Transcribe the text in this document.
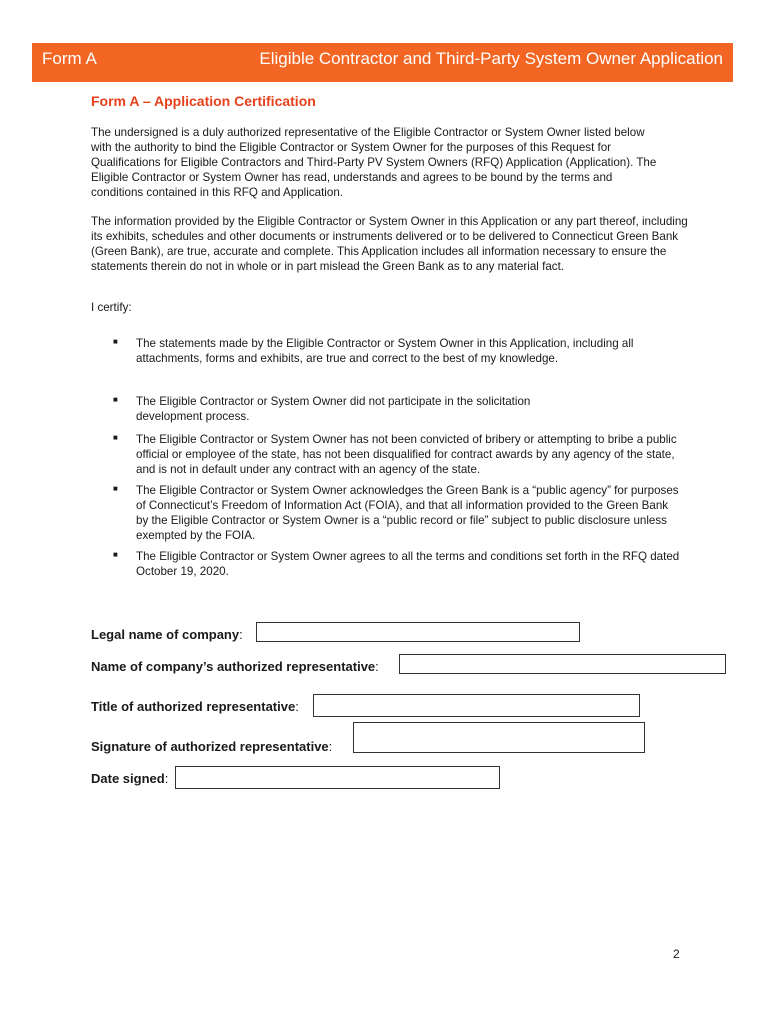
Form A	Eligible Contractor and Third-Party System Owner Application
Form A – Application Certification

The undersigned is a duly authorized representative of the Eligible Contractor or System Owner listed below with the authority to bind the Eligible Contractor or System Owner for the purposes of this Request for Qualifications for Eligible Contractors and Third-Party PV System Owners (RFQ) Application (Application). The Eligible Contractor or System Owner has read, understands and agrees to be bound by the terms and conditions contained in this RFQ and Application.

The information provided by the Eligible Contractor or System Owner in this Application or any part thereof, including its exhibits, schedules and other documents or instruments delivered or to be delivered to Connecticut Green Bank (Green Bank), are true, accurate and complete. This Application includes all information necessary to ensure the statements therein do not in whole or in part mislead the Green Bank as to any material fact.

I certify:

■ The statements made by the Eligible Contractor or System Owner in this Application, including all attachments, forms and exhibits, are true and correct to the best of my knowledge.

■ The Eligible Contractor or System Owner did not participate in the solicitation development process.

■ The Eligible Contractor or System Owner has not been convicted of bribery or attempting to bribe a public official or employee of the state, has not been disqualified for contract awards by any agency of the state, and is not in default under any contract with an agency of the state.

■ The Eligible Contractor or System Owner acknowledges the Green Bank is a “public agency” for purposes of Connecticut’s Freedom of Information Act (FOIA), and that all information provided to the Green Bank by the Eligible Contractor or System Owner is a “public record or file” subject to public disclosure unless exempted by the FOIA.

■ The Eligible Contractor or System Owner agrees to all the terms and conditions set forth in the RFQ dated October 19, 2020.

Legal name of company:

Name of company’s authorized representative:

Title of authorized representative:

Signature of authorized representative:

Date signed:

2
